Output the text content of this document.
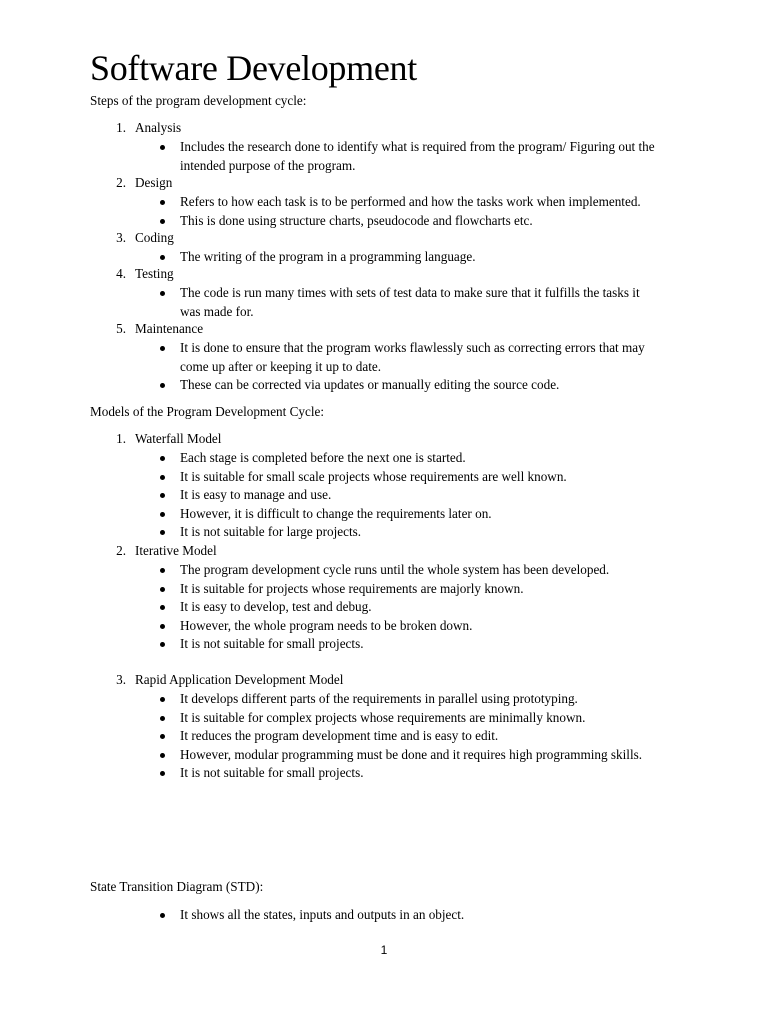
Software Development
Steps of the program development cycle:
1. Analysis
Includes the research done to identify what is required from the program/ Figuring out the
intended purpose of the program.
2. Design
Refers to how each task is to be performed and how the tasks work when implemented.
This is done using structure charts, pseudocode and flowcharts etc.
3. Coding
The writing of the program in a programming language.
4. Testing
The code is run many times with sets of test data to make sure that it fulfills the tasks it
was made for.
5. Maintenance
It is done to ensure that the program works flawlessly such as correcting errors that may
come up after or keeping it up to date.
These can be corrected via updates or manually editing the source code.
Models of the Program Development Cycle:
1. Waterfall Model
Each stage is completed before the next one is started.
It is suitable for small scale projects whose requirements are well known.
It is easy to manage and use.
However, it is difficult to change the requirements later on.
It is not suitable for large projects.
2. Iterative Model
The program development cycle runs until the whole system has been developed.
It is suitable for projects whose requirements are majorly known.
It is easy to develop, test and debug.
However, the whole program needs to be broken down.
It is not suitable for small projects.
3. Rapid Application Development Model
It develops different parts of the requirements in parallel using prototyping.
It is suitable for complex projects whose requirements are minimally known.
It reduces the program development time and is easy to edit.
However, modular programming must be done and it requires high programming skills.
It is not suitable for small projects.
State Transition Diagram (STD):
It shows all the states, inputs and outputs in an object.
1
